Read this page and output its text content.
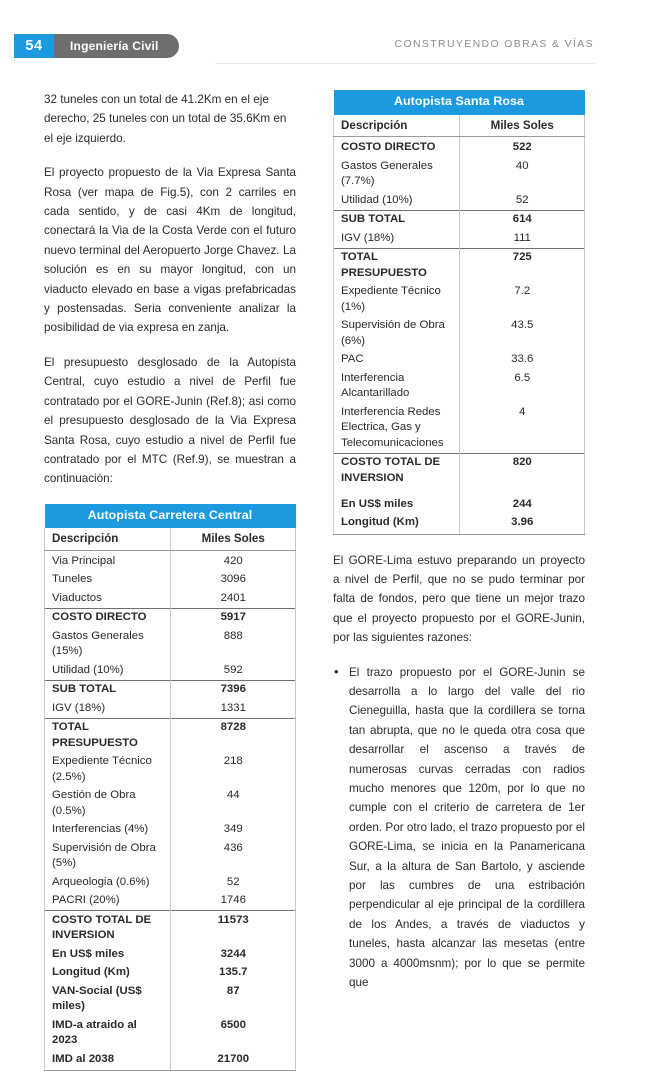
54	Ingeniería Civil	CONSTRUYENDO OBRAS & VÍAS

32 tuneles con un total de 41.2Km en el eje derecho, 25 tuneles con un total de 35.6Km en el eje izquierdo.

El proyecto propuesto de la Via Expresa Santa Rosa (ver mapa de Fig.5), con 2 carriles en cada sentido, y de casi 4Km de longitud, conectará la Via de la Costa Verde con el futuro nuevo terminal del Aeropuerto Jorge Chavez. La solución es en su mayor longitud, con un viaducto elevado en base a vigas prefabricadas y postensadas. Seria conveniente analizar la posibilidad de via expresa en zanja.

El presupuesto desglosado de la Autopista Central, cuyo estudio a nivel de Perfil fue contratado por el GORE-Junin (Ref.8); asi como el presupuesto desglosado de la Via Expresa Santa Rosa, cuyo estudio a nivel de Perfil fue contratado por el MTC (Ref.9), se muestran a continuación:

Autopista Carretera Central	
Descripción	Miles Soles
Via Principal	420
Tuneles	3096
Viaductos	2401
COSTO DIRECTO	5917
Gastos Generales (15%)	888
Utilidad (10%)	592
SUB TOTAL	7396
IGV (18%)	1331
TOTAL PRESUPUESTO	8728
Expediente Técnico (2.5%)	218
Gestión de Obra (0.5%)	44
Interferencias (4%)	349
Supervisión de Obra (5%)	436
Arqueologia (0.6%)	52
PACRI (20%)	1746
COSTO TOTAL DE INVERSION	11573
En US$ miles	3244
Longitud (Km)	135.7
VAN-Social (US$ miles)	87
IMD-a atraido al 2023	6500
IMD al 2038	21700
Autopista Santa Rosa	
Descripción	Miles Soles
COSTO DIRECTO	522
Gastos Generales (7.7%)	40
Utilidad (10%)	52
SUB TOTAL	614
IGV (18%)	111
TOTAL PRESUPUESTO	725
Expediente Técnico (1%)	7.2
Supervisión de Obra (6%)	43.5
PAC	33.6
Interferencia Alcantarillado	6.5
Interferencia Redes Electrica, Gas y Telecomunicaciones	4
COSTO TOTAL DE INVERSION	820
En US$ miles	244
Longitud (Km)	3.96

El GORE-Lima estuvo preparando un proyecto a nivel de Perfil, que no se pudo terminar por falta de fondos, pero que tiene un mejor trazo que el proyecto propuesto por el GORE-Junin, por las siguientes razones:

• El trazo propuesto por el GORE-Junin se desarrolla a lo largo del valle del rio Cieneguilla, hasta que la cordillera se torna tan abrupta, que no le queda otra cosa que desarrollar el ascenso a través de numerosas curvas cerradas con radios mucho menores que 120m, por lo que no cumple con el criterio de carretera de 1er orden. Por otro lado, el trazo propuesto por el GORE-Lima, se inicia en la Panamericana Sur, a la altura de San Bartolo, y asciende por las cumbres de una estribación perpendicular al eje principal de la cordillera de los Andes, a través de viaductos y tuneles, hasta alcanzar las mesetas (entre 3000 a 4000msnm); por lo que se permite que
